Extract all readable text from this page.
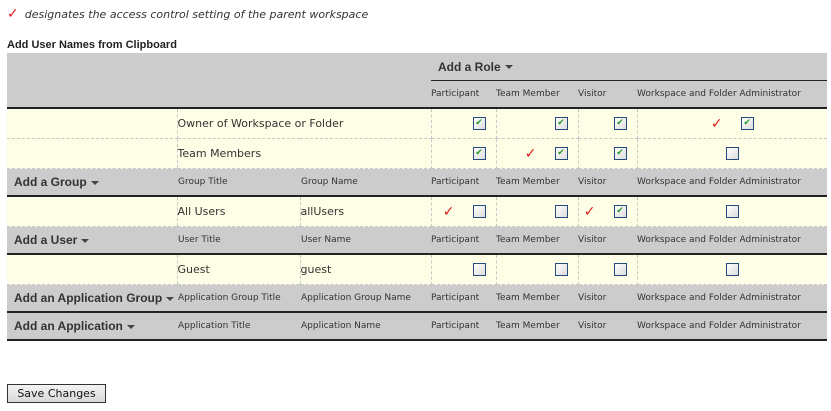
✓ designates the access control setting of the parent workspace
Add User Names from Clipboard
			Add a Role			
			Participant	Team Member	Visitor	Workspace and Folder Administrator
	Owner of Workspace or Folder		✔	✔	✔	✓ ✔
	Team Members		✔	✓ ✔	✔	
Add a Group	Group Title	Group Name	Participant	Team Member	Visitor	Workspace and Folder Administrator
	All Users	allUsers	✓		✓ ✔	
Add a User	User Title	User Name	Participant	Team Member	Visitor	Workspace and Folder Administrator
	Guest	guest				
Add an Application Group	Application Group Title	Application Group Name	Participant	Team Member	Visitor	Workspace and Folder Administrator
Add an Application	Application Title	Application Name	Participant	Team Member	Visitor	Workspace and Folder Administrator
Save Changes
